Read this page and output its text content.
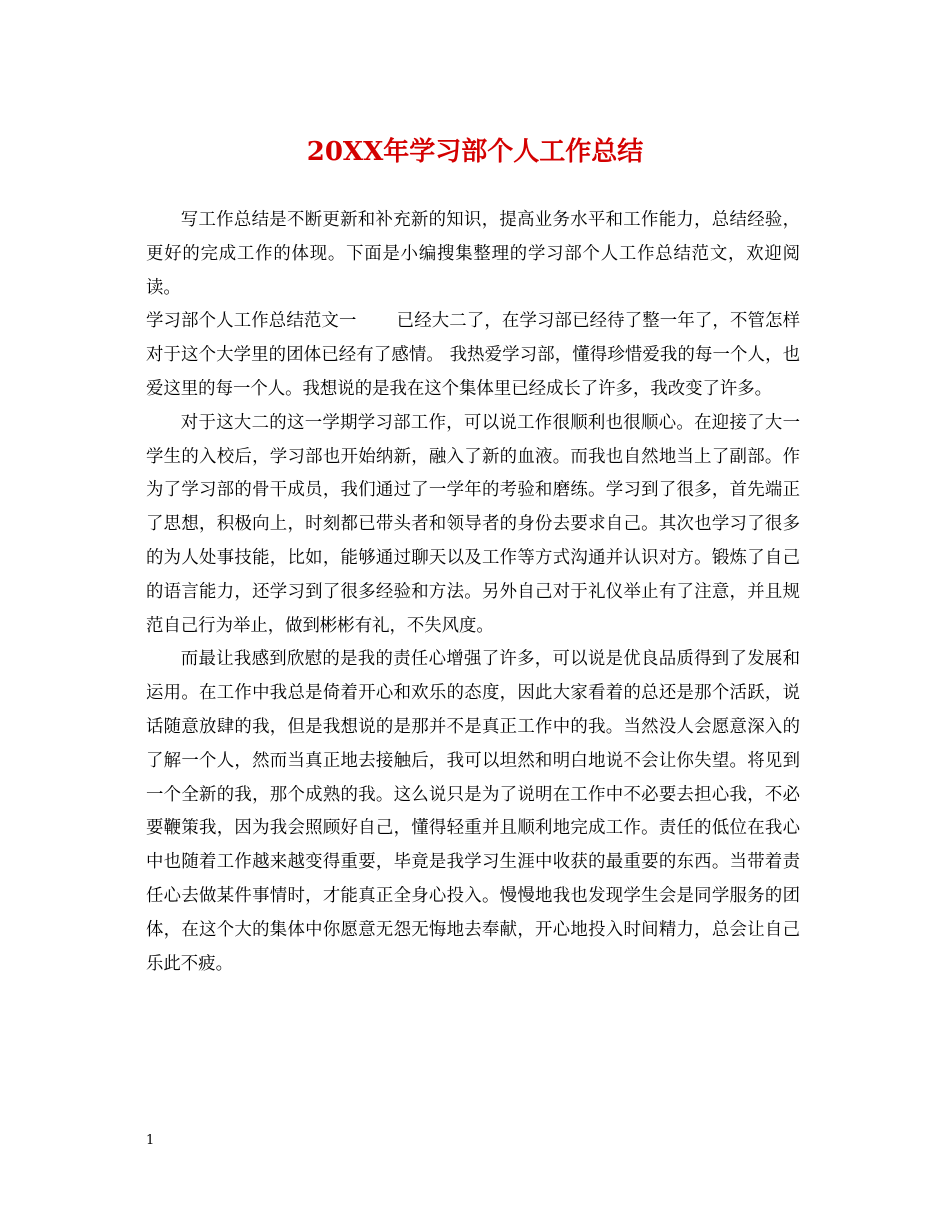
20XX年学习部个人工作总结

写工作总结是不断更新和补充新的知识，提高业务水平和工作能力，总结经验，更好的完成工作的体现。下面是小编搜集整理的学习部个人工作总结范文，欢迎阅读。

学习部个人工作总结范文一 已经大二了，在学习部已经待了整一年了，不管怎样对于这个大学里的团体已经有了感情。 我热爱学习部，懂得珍惜爱我的每一个人，也爱这里的每一个人。我想说的是我在这个集体里已经成长了许多，我改变了许多。

对于这大二的这一学期学习部工作，可以说工作很顺利也很顺心。在迎接了大一学生的入校后，学习部也开始纳新，融入了新的血液。而我也自然地当上了副部。作为了学习部的骨干成员，我们通过了一学年的考验和磨练。学习到了很多，首先端正了思想，积极向上，时刻都已带头者和领导者的身份去要求自己。其次也学习了很多的为人处事技能，比如，能够通过聊天以及工作等方式沟通并认识对方。锻炼了自己的语言能力，还学习到了很多经验和方法。另外自己对于礼仪举止有了注意，并且规范自己行为举止，做到彬彬有礼，不失风度。

而最让我感到欣慰的是我的责任心增强了许多，可以说是优良品质得到了发展和运用。在工作中我总是倚着开心和欢乐的态度，因此大家看着的总还是那个活跃，说话随意放肆的我，但是我想说的是那并不是真正工作中的我。当然没人会愿意深入的了解一个人，然而当真正地去接触后，我可以坦然和明白地说不会让你失望。将见到一个全新的我，那个成熟的我。这么说只是为了说明在工作中不必要去担心我，不必要鞭策我，因为我会照顾好自己，懂得轻重并且顺利地完成工作。责任的低位在我心中也随着工作越来越变得重要，毕竟是我学习生涯中收获的最重要的东西。当带着责任心去做某件事情时，才能真正全身心投入。慢慢地我也发现学生会是同学服务的团体，在这个大的集体中你愿意无怨无悔地去奉献，开心地投入时间精力，总会让自己乐此不疲。

1
